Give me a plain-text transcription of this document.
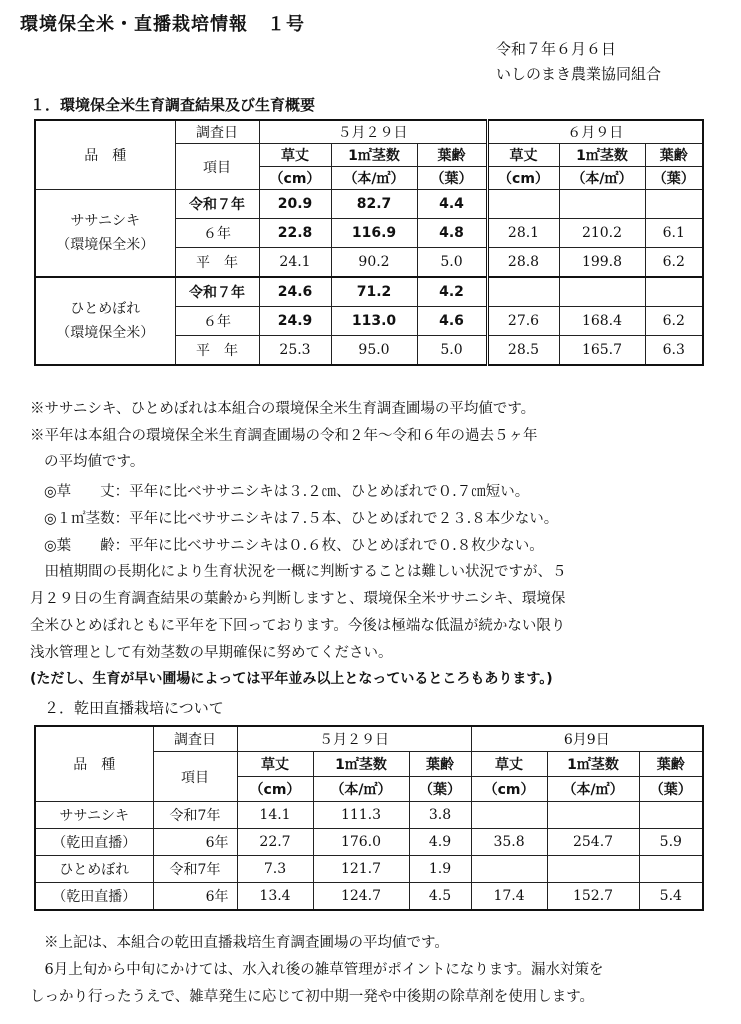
環境保全米・直播栽培情報　１号
令和７年６月６日
いしのまき農業協同組合
１．環境保全米生育調査結果及び生育概要
品　種	調査日	５月２９日			６月９日		
	項目	草丈	1㎡茎数	葉齢	草丈	1㎡茎数	葉齢
		（cm）	（本/㎡）	（葉）	（cm）	（本/㎡）	（葉）

ササニシキ
（環境保全米）	令和７年	20.9	82.7	4.4			
	６年	22.8	116.9	4.8	28.1	210.2	6.1
	平　年	24.1	90.2	5.0	28.8	199.8	6.2

ひとめぼれ
（環境保全米）	令和７年	24.6	71.2	4.2			
	６年	24.9	113.0	4.6	27.6	168.4	6.2
	平　年	25.3	95.0	5.0	28.5	165.7	6.3
※ササニシキ、ひとめぼれは本組合の環境保全米生育調査圃場の平均値です。
※平年は本組合の環境保全米生育調査圃場の令和２年～令和６年の過去５ヶ年
の平均値です。
◎草　　丈：平年に比べササニシキは３.２㎝、ひとめぼれで０.７㎝短い。
◎１㎡茎数：平年に比べササニシキは７.５本、ひとめぼれで２３.８本少ない。
◎葉　　齢：平年に比べササニシキは０.６枚、ひとめぼれで０.８枚少ない。
　田植期間の長期化により生育状況を一概に判断することは難しい状況ですが、５
月２９日の生育調査結果の葉齢から判断しますと、環境保全米ササニシキ、環境保
全米ひとめぼれともに平年を下回っております。今後は極端な低温が続かない限り
浅水管理として有効茎数の早期確保に努めてください。
(ただし、生育が早い圃場によっては平年並み以上となっているところもあります。)
２．乾田直播栽培について
品　種	調査日	５月２９日			6月9日		
	項目	草丈	1㎡茎数	葉齢	草丈	1㎡茎数	葉齢
		（cm）	（本/㎡）	（葉）	（cm）	（本/㎡）	（葉）
ササニシキ	令和7年	14.1	111.3	3.8			
（乾田直播）	6年	22.7	176.0	4.9	35.8	254.7	5.9
ひとめぼれ	令和7年	7.3	121.7	1.9			
（乾田直播）	6年	13.4	124.7	4.5	17.4	152.7	5.4
※上記は、本組合の乾田直播栽培生育調査圃場の平均値です。
　6月上旬から中旬にかけては、水入れ後の雑草管理がポイントになります。漏水対策を
しっかり行ったうえで、雑草発生に応じて初中期一発や中後期の除草剤を使用します。
